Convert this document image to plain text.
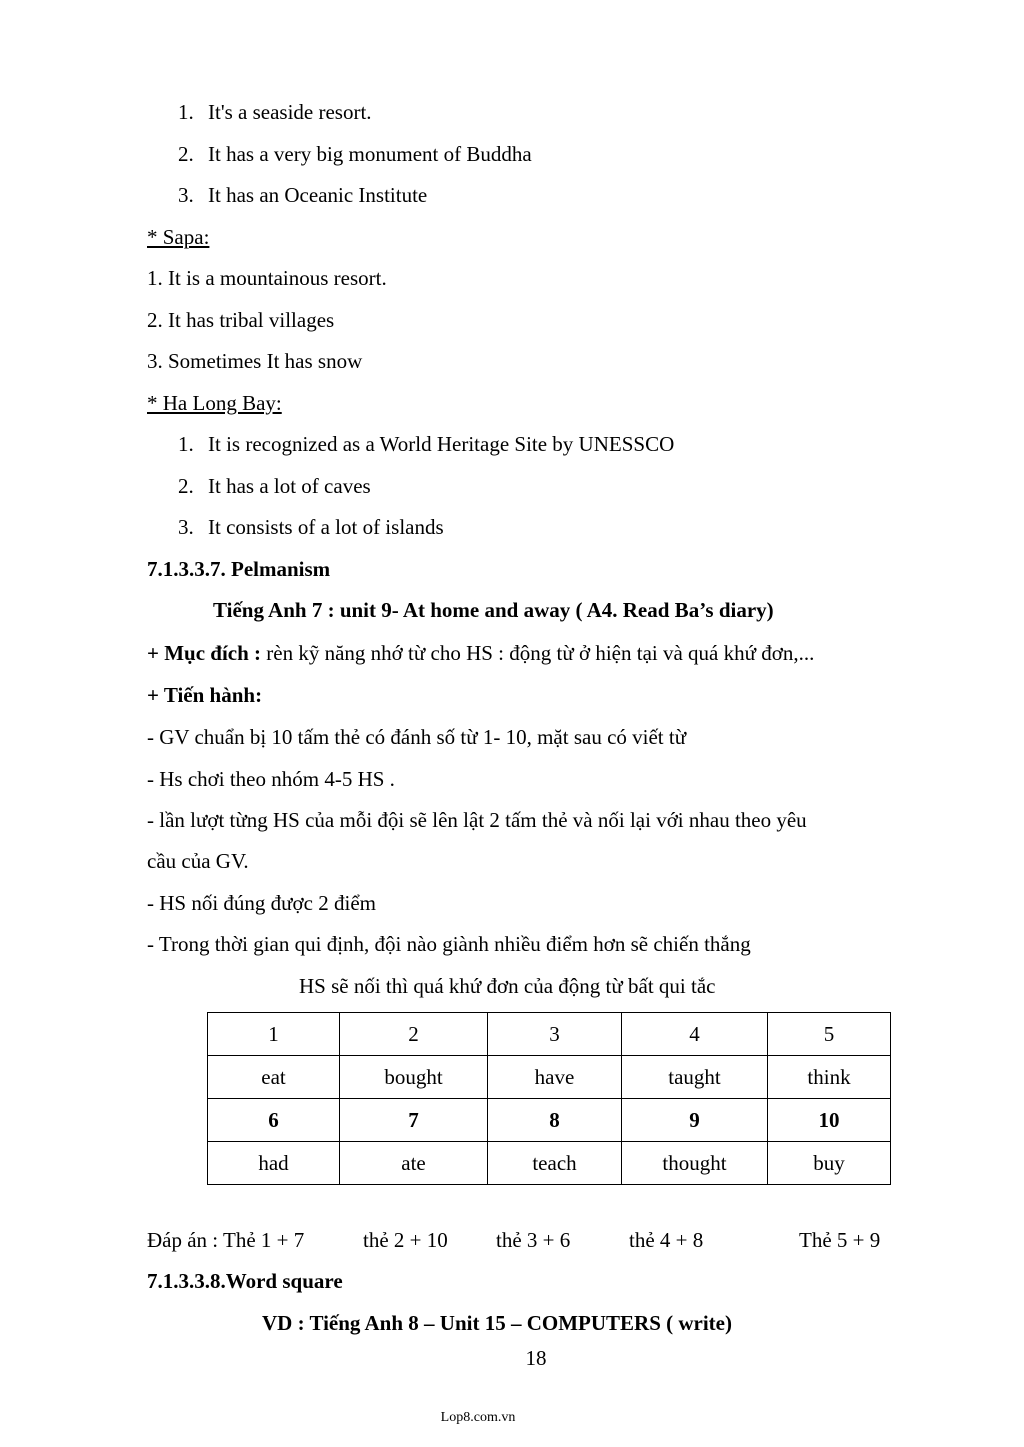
1. It's a seaside resort.
2. It has a very big monument of Buddha
3. It has an Oceanic Institute
* Sapa:
1. It is a mountainous resort.
2. It has tribal villages
3. Sometimes It has snow
* Ha Long Bay:
1. It is recognized as a World Heritage Site by UNESSCO
2. It has a lot of caves
3. It consists of a lot of islands
7.1.3.3.7. Pelmanism
Tiếng Anh 7 : unit 9- At home and away ( A4. Read Ba’s diary)
+ Mục đích : rèn kỹ năng nhớ từ cho HS : động từ ở hiện tại và quá khứ đơn,...
+ Tiến hành:
- GV chuẩn bị 10 tấm thẻ có đánh số từ 1- 10, mặt sau có viết từ
- Hs chơi theo nhóm 4-5 HS .
- lần lượt từng HS của mỗi đội sẽ lên lật 2 tấm thẻ và nối lại với nhau theo yêu
cầu của GV.
- HS nối đúng được 2 điểm
- Trong thời gian qui định, đội nào giành nhiều điểm hơn sẽ chiến thắng
HS sẽ nối thì quá khứ đơn của động từ bất qui tắc
1	2	3	4	5
eat	bought	have	taught	think
6	7	8	9	10
had	ate	teach	thought	buy
Đáp án : Thẻ 1 + 7	thẻ 2 + 10 thẻ 3 + 6	thẻ 4 + 8	Thẻ 5 + 9
7.1.3.3.8.Word square
VD : Tiếng Anh 8 – Unit 15 – COMPUTERS ( write)
18
Lop8.com.vn
